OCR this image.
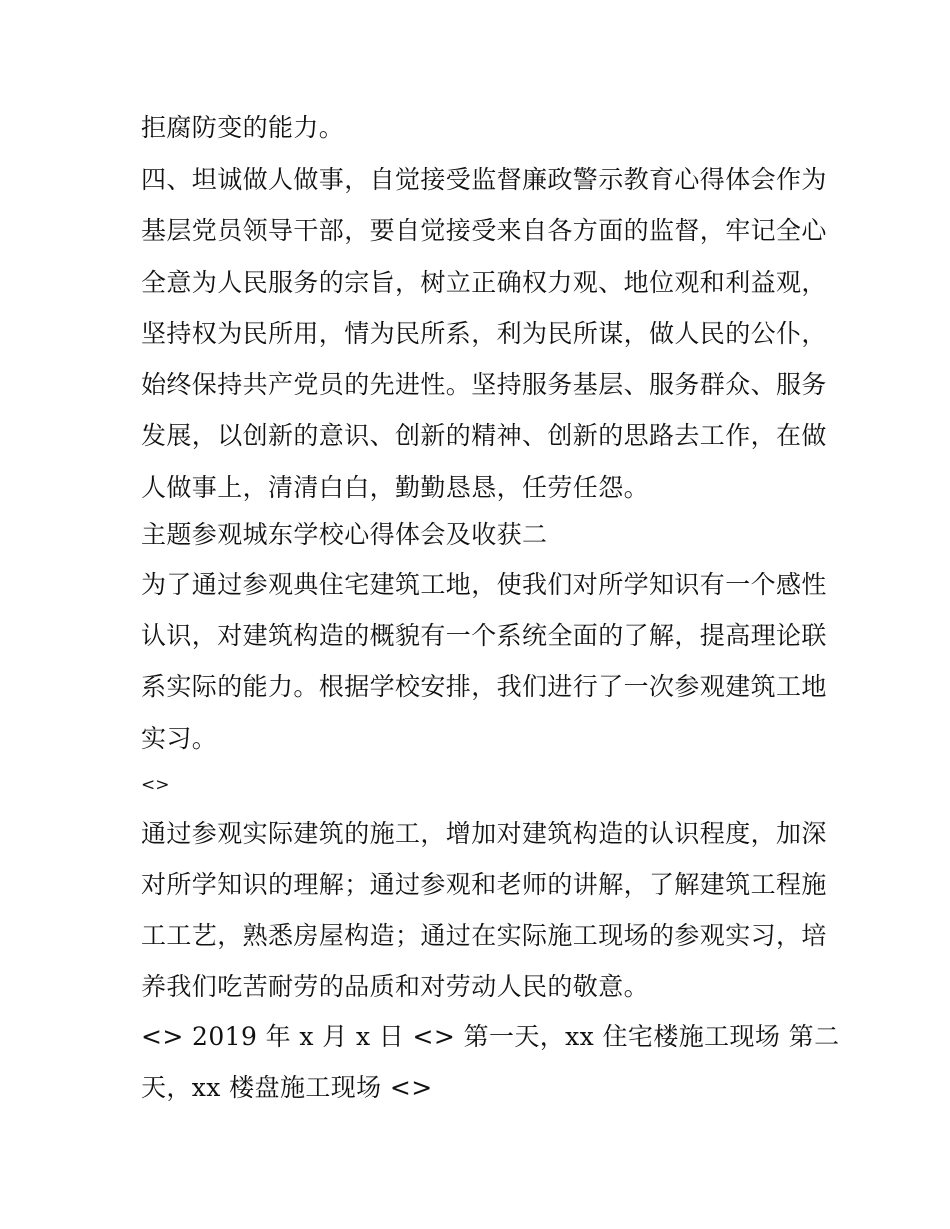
拒腐防变的能力。

四、坦诚做人做事，自觉接受监督廉政警示教育心得体会作为

基层党员领导干部，要自觉接受来自各方面的监督，牢记全心

全意为人民服务的宗旨，树立正确权力观、地位观和利益观，

坚持权为民所用，情为民所系，利为民所谋，做人民的公仆，

始终保持共产党员的先进性。坚持服务基层、服务群众、服务

发展，以创新的意识、创新的精神、创新的思路去工作，在做

人做事上，清清白白，勤勤恳恳，任劳任怨。

主题参观城东学校心得体会及收获二

为了通过参观典住宅建筑工地，使我们对所学知识有一个感性

认识，对建筑构造的概貌有一个系统全面的了解，提高理论联

系实际的能力。根据学校安排，我们进行了一次参观建筑工地

实习。

<>

通过参观实际建筑的施工，增加对建筑构造的认识程度，加深

对所学知识的理解；通过参观和老师的讲解，了解建筑工程施

工工艺，熟悉房屋构造；通过在实际施工现场的参观实习，培

养我们吃苦耐劳的品质和对劳动人民的敬意。

<> 2019 年 x 月 x 日 <> 第一天，xx 住宅楼施工现场 第二

天，xx 楼盘施工现场 <>
